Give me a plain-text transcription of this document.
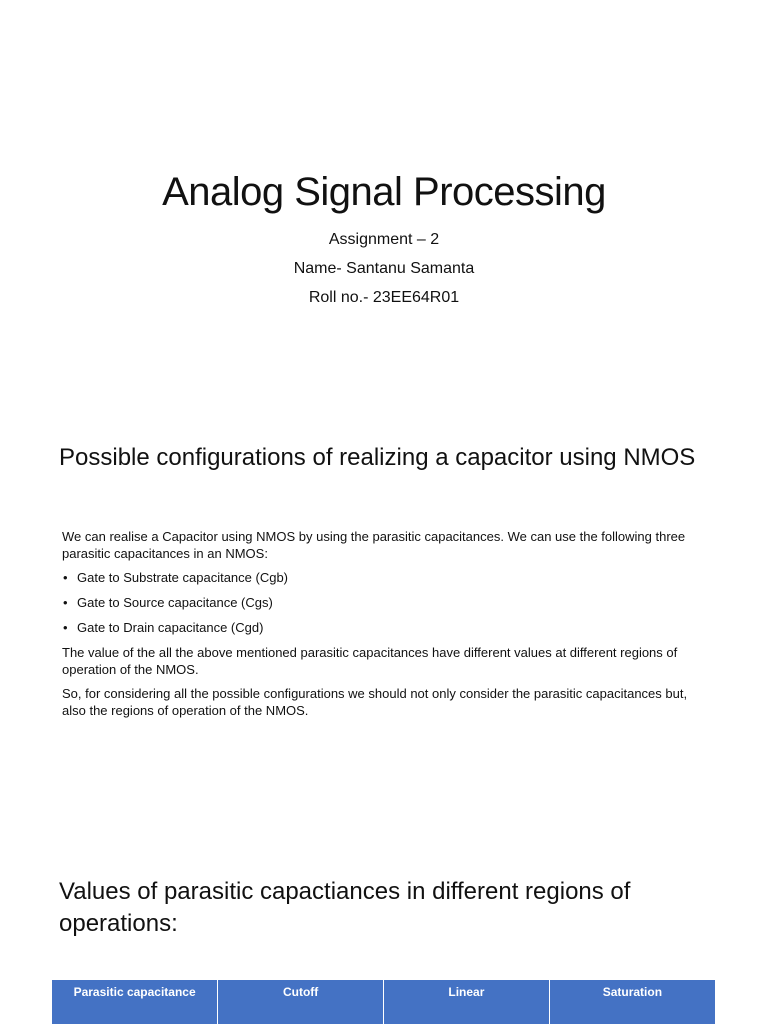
Analog Signal Processing
Assignment – 2
Name- Santanu Samanta
Roll no.- 23EE64R01
Possible configurations of realizing a capacitor using NMOS

We can realise a Capacitor using NMOS by using the parasitic capacitances. We can use the following three parasitic capacitances in an NMOS:

• Gate to Substrate capacitance (Cgb)
• Gate to Source capacitance (Cgs)
• Gate to Drain capacitance (Cgd)

The value of the all the above mentioned parasitic capacitances have different values at different regions of operation of the NMOS.

So, for considering all the possible configurations we should not only consider the parasitic capacitances but, also the regions of operation of the NMOS.

Values of parasitic capactiances in different regions of operations:
Parasitic capacitance	Cutoff	Linear	Saturation
